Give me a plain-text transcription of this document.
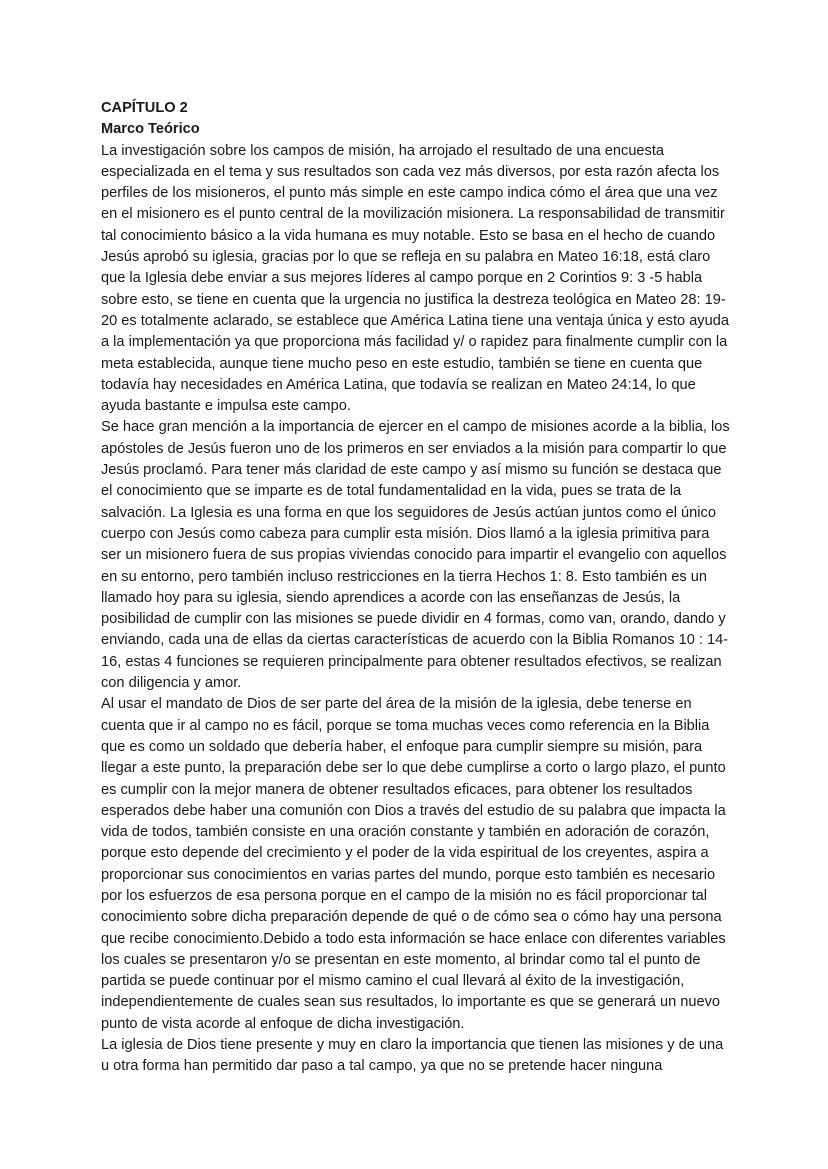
CAPÍTULO 2

Marco Teórico

La investigación sobre los campos de misión, ha arrojado el resultado de una encuesta especializada en el tema y sus resultados son cada vez más diversos, por esta razón afecta los perfiles de los misioneros, el punto más simple en este campo indica cómo el área que una vez en el misionero es el punto central de la movilización misionera. La responsabilidad de transmitir tal conocimiento básico a la vida humana es muy notable. Esto se basa en el hecho de cuando Jesús aprobó su iglesia, gracias por lo que se refleja en su palabra en Mateo 16:18, está claro que la Iglesia debe enviar a sus mejores líderes al campo porque en 2 Corintios 9: 3 -5 habla sobre esto, se tiene en cuenta que la urgencia no justifica la destreza teológica en Mateo 28: 19-20 es totalmente aclarado, se establece que América Latina tiene una ventaja única y esto ayuda a la implementación ya que proporciona más facilidad y/ o rapidez para finalmente cumplir con la meta establecida, aunque tiene mucho peso en este estudio, también se tiene en cuenta que todavía hay necesidades en América Latina, que todavía se realizan en Mateo 24:14, lo que ayuda bastante e impulsa este campo.

Se hace gran mención a la importancia de ejercer en el campo de misiones acorde a la biblia, los apóstoles de Jesús fueron uno de los primeros en ser enviados a la misión para compartir lo que Jesús proclamó. Para tener más claridad de este campo y así mismo su función se destaca que el conocimiento que se imparte es de total fundamentalidad en la vida, pues se trata de la salvación. La Iglesia es una forma en que los seguidores de Jesús actúan juntos como el único cuerpo con Jesús como cabeza para cumplir esta misión. Dios llamó a la iglesia primitiva para ser un misionero fuera de sus propias viviendas conocido para impartir el evangelio con aquellos en su entorno, pero también incluso restricciones en la tierra Hechos 1: 8. Esto también es un llamado hoy para su iglesia, siendo aprendices a acorde con las enseñanzas de Jesús, la posibilidad de cumplir con las misiones se puede dividir en 4 formas, como van, orando, dando y enviando, cada una de ellas da ciertas características de acuerdo con la Biblia Romanos 10 : 14-16, estas 4 funciones se requieren principalmente para obtener resultados efectivos, se realizan con diligencia y amor.

Al usar el mandato de Dios de ser parte del área de la misión de la iglesia, debe tenerse en cuenta que ir al campo no es fácil, porque se toma muchas veces como referencia en la Biblia que es como un soldado que debería haber, el enfoque para cumplir siempre su misión, para llegar a este punto, la preparación debe ser lo que debe cumplirse a corto o largo plazo, el punto es cumplir con la mejor manera de obtener resultados eficaces, para obtener los resultados esperados debe haber una comunión con Dios a través del estudio de su palabra que impacta la vida de todos, también consiste en una oración constante y también en adoración de corazón, porque esto depende del crecimiento y el poder de la vida espiritual de los creyentes, aspira a proporcionar sus conocimientos en varias partes del mundo, porque esto también es necesario por los esfuerzos de esa persona porque en el campo de la misión no es fácil proporcionar tal conocimiento sobre dicha preparación depende de qué o de cómo sea o cómo hay una persona que recibe conocimiento.Debido a todo esta información se hace enlace con diferentes variables los cuales se presentaron y/o se presentan en este momento, al brindar como tal el punto de partida se puede continuar por el mismo camino el cual llevará al éxito de la investigación, independientemente de cuales sean sus resultados, lo importante es que se generará un nuevo punto de vista acorde al enfoque de dicha investigación.

La iglesia de Dios tiene presente y muy en claro la importancia que tienen las misiones y de una u otra forma han permitido dar paso a tal campo, ya que no se pretende hacer ninguna
